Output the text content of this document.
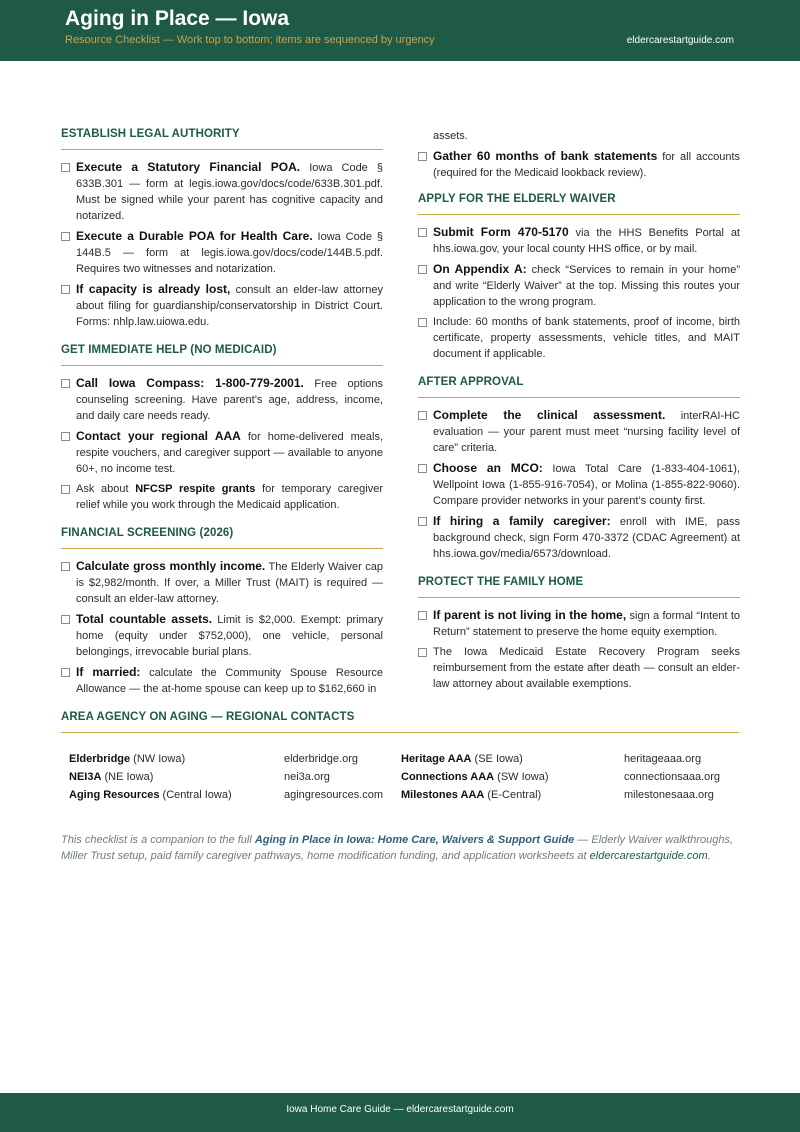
Aging in Place — Iowa
Resource Checklist — Work top to bottom; items are sequenced by urgency	eldercarestartguide.com
ESTABLISH LEGAL AUTHORITY
Execute a Statutory Financial POA. Iowa Code § 633B.301 — form at legis.iowa.gov/docs/code/633B.301.pdf. Must be signed while your parent has cognitive capacity and notarized.
Execute a Durable POA for Health Care. Iowa Code § 144B.5 — form at legis.iowa.gov/docs/code/144B.5.pdf. Requires two witnesses and notarization.
If capacity is already lost, consult an elder-law attorney about filing for guardianship/conservatorship in District Court. Forms: nhlp.law.uiowa.edu.
GET IMMEDIATE HELP (NO MEDICAID)
Call Iowa Compass: 1-800-779-2001. Free options counseling screening. Have parent’s age, address, income, and daily care needs ready.
Contact your regional AAA for home-delivered meals, respite vouchers, and caregiver support — available to anyone 60+, no income test.
Ask about NFCSP respite grants for temporary caregiver relief while you work through the Medicaid application.
FINANCIAL SCREENING (2026)
Calculate gross monthly income. The Elderly Waiver cap is $2,982/month. If over, a Miller Trust (MAIT) is required — consult an elder-law attorney.
Total countable assets. Limit is $2,000. Exempt: primary home (equity under $752,000), one vehicle, personal belongings, irrevocable burial plans.
If married: calculate the Community Spouse Resource Allowance — the at-home spouse can keep up to $162,660 in
assets.
Gather 60 months of bank statements for all accounts (required for the Medicaid lookback review).
APPLY FOR THE ELDERLY WAIVER
Submit Form 470-5170 via the HHS Benefits Portal at hhs.iowa.gov, your local county HHS office, or by mail.
On Appendix A: check “Services to remain in your home” and write “Elderly Waiver” at the top. Missing this routes your application to the wrong program.
Include: 60 months of bank statements, proof of income, birth certificate, property assessments, vehicle titles, and MAIT document if applicable.
AFTER APPROVAL
Complete the clinical assessment. interRAI-HC evaluation — your parent must meet “nursing facility level of care” criteria.
Choose an MCO: Iowa Total Care (1-833-404-1061), Wellpoint Iowa (1-855-916-7054), or Molina (1-855-822-9060). Compare provider networks in your parent’s county first.
If hiring a family caregiver: enroll with IME, pass background check, sign Form 470-3372 (CDAC Agreement) at hhs.iowa.gov/media/6573/download.
PROTECT THE FAMILY HOME
If parent is not living in the home, sign a formal “Intent to Return” statement to preserve the home equity exemption.
The Iowa Medicaid Estate Recovery Program seeks reimbursement from the estate after death — consult an elder-law attorney about available exemptions.
AREA AGENCY ON AGING — REGIONAL CONTACTS
Elderbridge (NW Iowa)	elderbridge.org	Heritage AAA (SE Iowa)	heritageaaa.org
NEI3A (NE Iowa)	nei3a.org	Connections AAA (SW Iowa)	connectionsaaa.org
Aging Resources (Central Iowa)	agingresources.com	Milestones AAA (E-Central)	milestonesaaa.org
This checklist is a companion to the full Aging in Place in Iowa: Home Care, Waivers & Support Guide — Elderly Waiver walkthroughs, Miller Trust setup, paid family caregiver pathways, home modification funding, and application worksheets at eldercarestartguide.com.
Iowa Home Care Guide — eldercarestartguide.com
